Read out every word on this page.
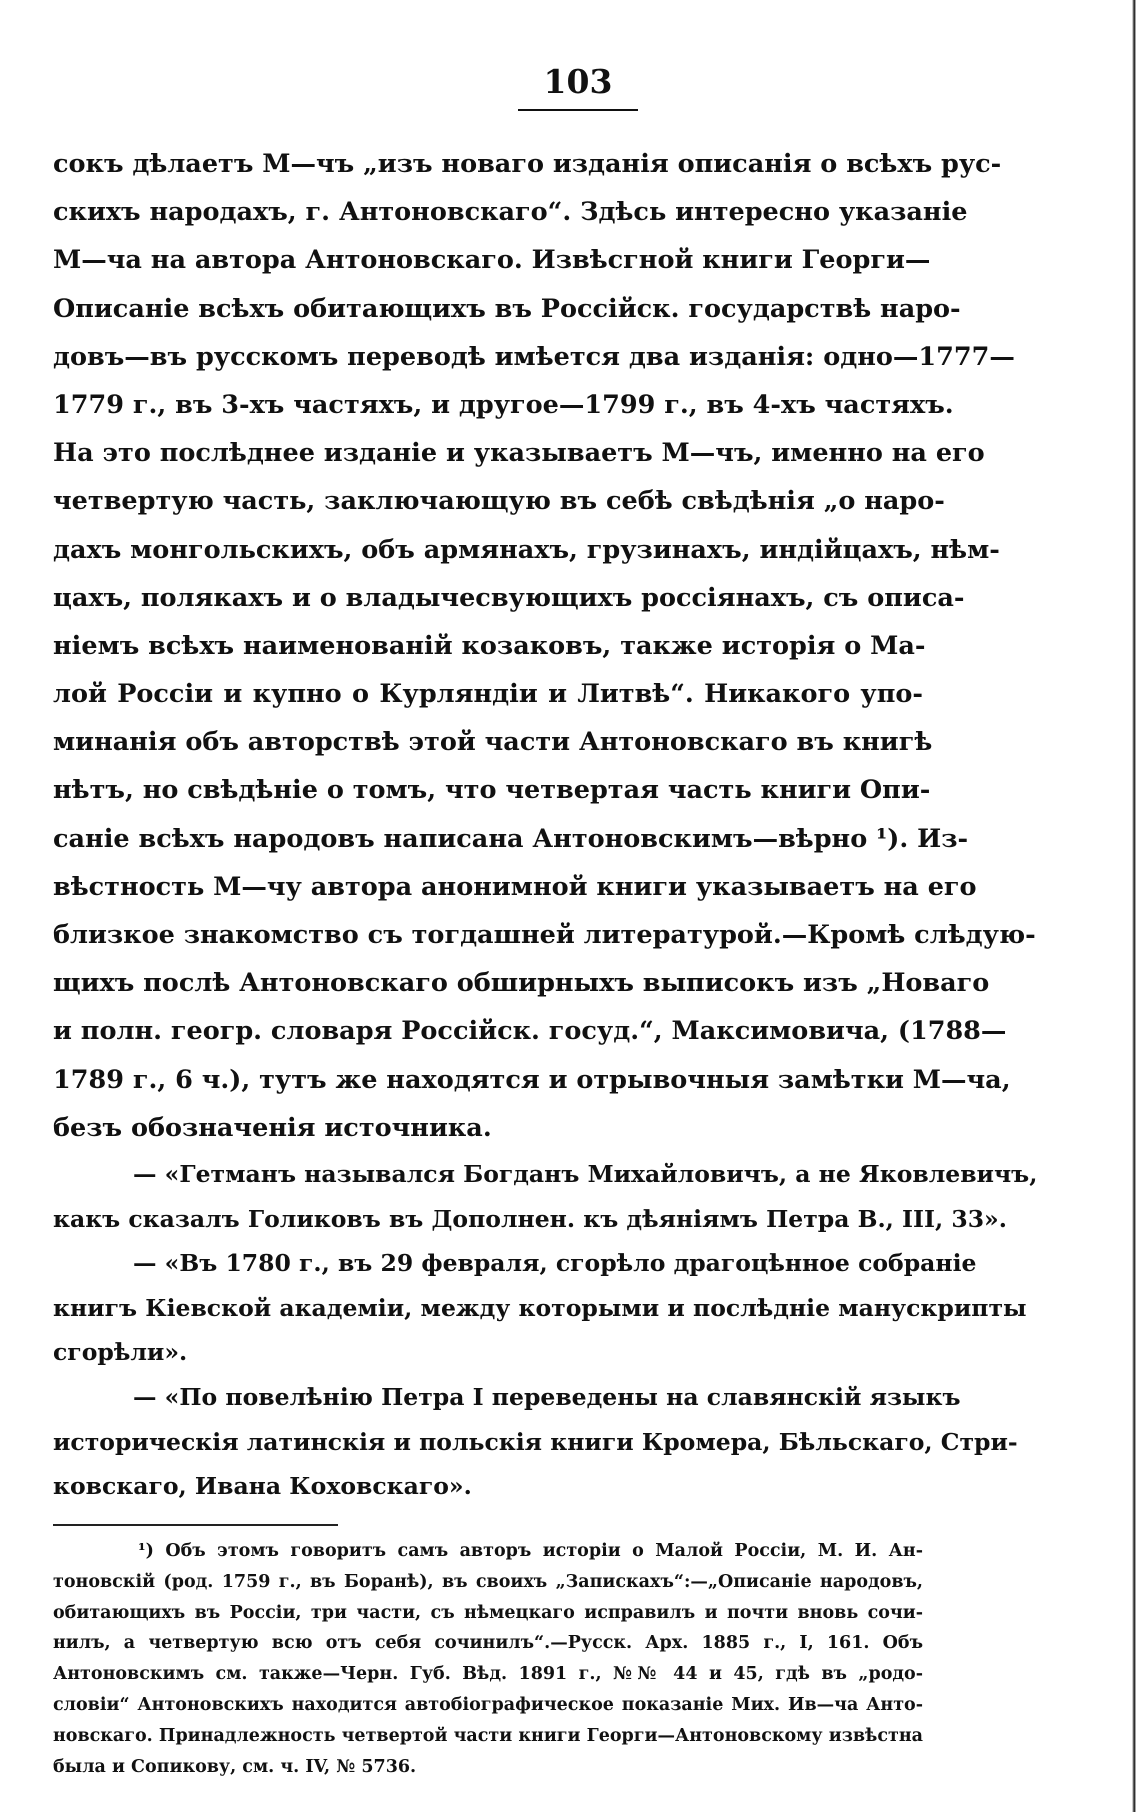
103
сокъ дѣлаетъ М—чъ „изъ новаго изданія описанія о всѣхъ рус-
скихъ народахъ, г. Антоновскаго“. Здѣсь интересно указаніе
М—ча на автора Антоновскаго. Извѣсгной книги Георги—
Описаніе всѣхъ обитающихъ въ Россійск. государствѣ наро-
довъ—въ русскомъ переводѣ имѣется два изданія: одно—1777—
1779 г., въ 3-хъ частяхъ, и другое—1799 г., въ 4-хъ частяхъ.
На это послѣднее изданіе и указываетъ М—чъ, именно на его
четвертую часть, заключающую въ себѣ свѣдѣнія „о наро-
дахъ монгольскихъ, объ армянахъ, грузинахъ, индійцахъ, нѣм-
цахъ, полякахъ и о владычесвующихъ россіянахъ, съ описа-
ніемъ всѣхъ наименованій козаковъ, также исторія о Ма-
лой Россіи и купно о Курляндіи и Литвѣ“. Никакого упо-
минанія объ авторствѣ этой части Антоновскаго въ книгѣ
нѣтъ, но свѣдѣніе о томъ, что четвертая часть книги Опи-
саніе всѣхъ народовъ написана Антоновскимъ—вѣрно ¹). Из-
вѣстность М—чу автора анонимной книги указываетъ на его
близкое знакомство съ тогдашней литературой.—Кромѣ слѣдую-
щихъ послѣ Антоновскаго обширныхъ выписокъ изъ „Новаго
и полн. геогр. словаря Россійск. госуд.“, Максимовича, (1788—
1789 г., 6 ч.), тутъ же находятся и отрывочныя замѣтки М—ча,
безъ обозначенія источника.
— «Гетманъ назывался Богданъ Михайловичъ, а не Яковлевичъ,
какъ сказалъ Голиковъ въ Дополнен. къ дѣяніямъ Петра В., III, 33».
— «Въ 1780 г., въ 29 февраля, сгорѣло драгоцѣнное собраніе
книгъ Кіевской академіи, между которыми и послѣдніе манускрипты
сгорѣли».
— «По повелѣнію Петра I переведены на славянскій языкъ
историческія латинскія и польскія книги Кромера, Бѣльскаго, Стри-
ковскаго, Ивана Коховскаго».
¹) Объ этомъ говоритъ самъ авторъ исторіи о Малой Россіи, М. И. Ан-
тоновскій (род. 1759 г., въ Боранѣ), въ своихъ „Запискахъ“:—„Описаніе народовъ,
обитающихъ въ Россіи, три части, съ нѣмецкаго исправилъ и почти вновь сочи-
нилъ, а четвертую всю отъ себя сочинилъ“.—Русск. Арх. 1885 г., I, 161. Объ
Антоновскимъ см. также—Черн. Губ. Вѣд. 1891 г., №№ 44 и 45, гдѣ въ „родо-
словіи“ Антоновскихъ находится автобіографическое показаніе Мих. Ив—ча Анто-
новскаго. Принадлежность четвертой части книги Георги—Антоновскому извѣстна
была и Сопикову, см. ч. IV, № 5736.
